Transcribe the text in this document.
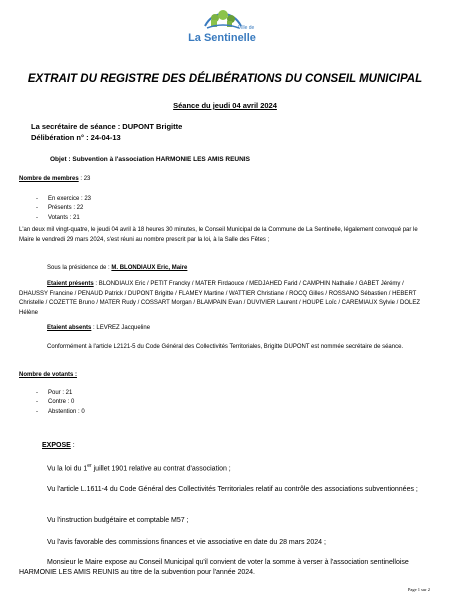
Ville de
La Sentinelle
EXTRAIT DU REGISTRE DES DÉLIBÉRATIONS DU CONSEIL MUNICIPAL
Séance du jeudi 04 avril 2024
La secrétaire de séance : DUPONT Brigitte
Délibération n° : 24-04-13
Objet : Subvention à l'association HARMONIE LES AMIS REUNIS
Nombre de membres : 23
- En exercice : 23
- Présents : 22
- Votants : 21
L'an deux mil vingt-quatre, le jeudi 04 avril à 18 heures 30 minutes, le Conseil Municipal de la Commune de La Sentinelle, légalement convoqué par le Maire le vendredi 29 mars 2024, s'est réuni au nombre prescrit par la loi, à la Salle des Fêtes ;
Sous la présidence de : M. BLONDIAUX Eric, Maire
Etaient présents : BLONDIAUX Eric / PETIT Francky / MATER Firdaouce / MEDJAHED Farid / CAMPHIN Nathalie / GABET Jérémy / DHAUSSY Francine / PENAUD Patrick / DUPONT Brigitte / FLAMEY Martine / WATTIER Christiane / ROCQ Gilles / ROSSANO Sébastien / HEBERT Christelle / COZETTE Bruno / MATER Rudy / COSSART Morgan / BLAMPAIN Evan / DUVIVIER Laurent / HOUPE Loïc / CAREMIAUX Sylvie / DOLEZ Hélène
Etaient absents : LEVREZ Jacqueline
Conformément à l'article L2121-5 du Code Général des Collectivités Territoriales, Brigitte DUPONT est nommée secrétaire de séance.
Nombre de votants :
- Pour : 21
- Contre : 0
- Abstention : 0
EXPOSE :
Vu la loi du 1er juillet 1901 relative au contrat d'association ;
Vu l'article L.1611-4 du Code Général des Collectivités Territoriales relatif au contrôle des associations subventionnées ;
Vu l'instruction budgétaire et comptable M57 ;
Vu l'avis favorable des commissions finances et vie associative en date du 28 mars 2024 ;
Monsieur le Maire expose au Conseil Municipal qu'il convient de voter la somme à verser à l'association sentinelloise HARMONIE LES AMIS REUNIS au titre de la subvention pour l'année 2024.
Page 1 sur 2
